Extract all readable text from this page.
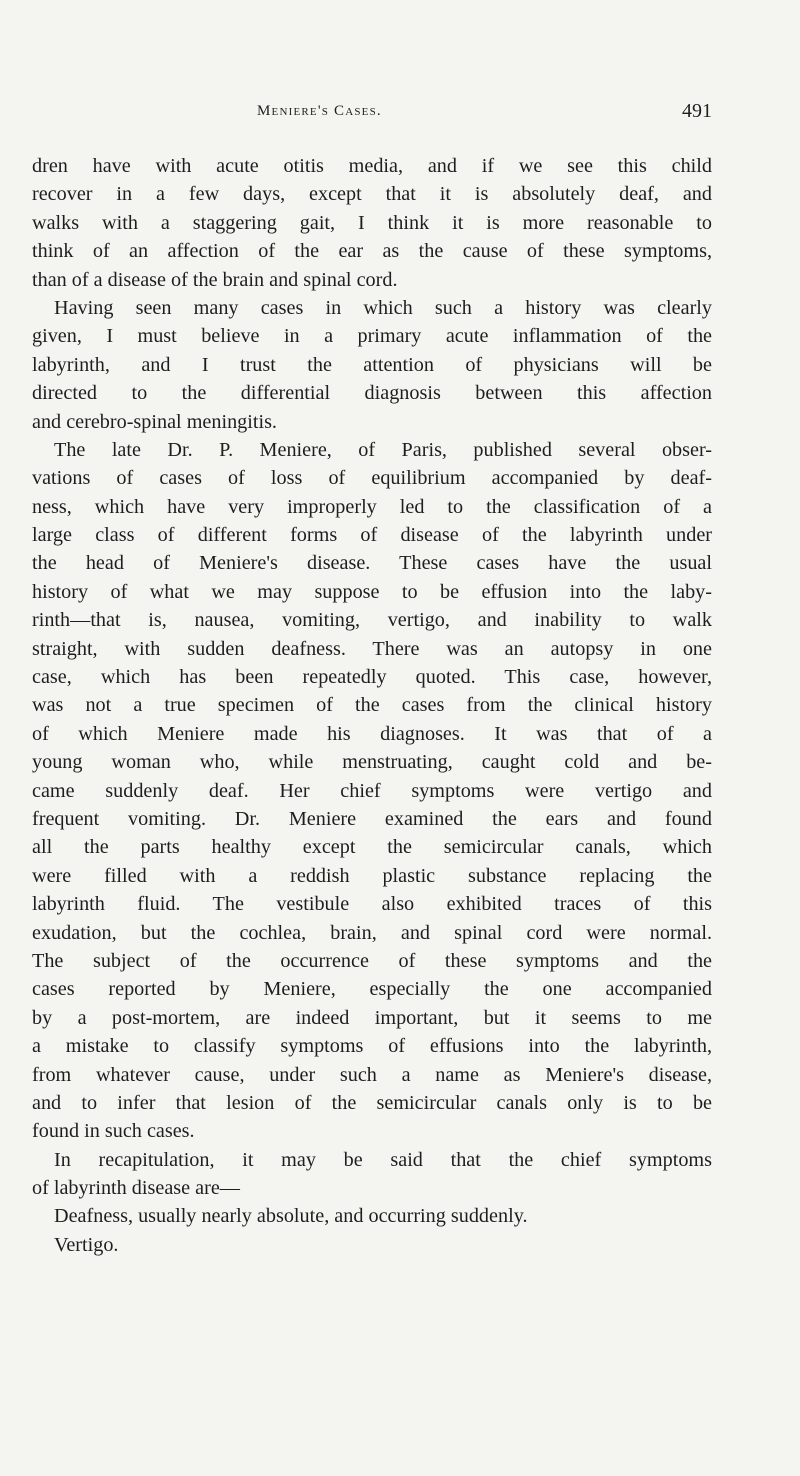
Meniere's Cases.	491
dren have with acute otitis media, and if we see this child
recover in a few days, except that it is absolutely deaf, and
walks with a staggering gait, I think it is more reasonable to
think of an affection of the ear as the cause of these symptoms,
than of a disease of the brain and spinal cord.
Having seen many cases in which such a history was clearly
given, I must believe in a primary acute inflammation of the
labyrinth, and I trust the attention of physicians will be
directed to the differential diagnosis between this affection
and cerebro-spinal meningitis.
The late Dr. P. Meniere, of Paris, published several obser-
vations of cases of loss of equilibrium accompanied by deaf-
ness, which have very improperly led to the classification of a
large class of different forms of disease of the labyrinth under
the head of Meniere's disease. These cases have the usual
history of what we may suppose to be effusion into the laby-
rinth—that is, nausea, vomiting, vertigo, and inability to walk
straight, with sudden deafness. There was an autopsy in one
case, which has been repeatedly quoted. This case, however,
was not a true specimen of the cases from the clinical history
of which Meniere made his diagnoses. It was that of a
young woman who, while menstruating, caught cold and be-
came suddenly deaf. Her chief symptoms were vertigo and
frequent vomiting. Dr. Meniere examined the ears and found
all the parts healthy except the semicircular canals, which
were filled with a reddish plastic substance replacing the
labyrinth fluid. The vestibule also exhibited traces of this
exudation, but the cochlea, brain, and spinal cord were normal.
The subject of the occurrence of these symptoms and the
cases reported by Meniere, especially the one accompanied
by a post-mortem, are indeed important, but it seems to me
a mistake to classify symptoms of effusions into the labyrinth,
from whatever cause, under such a name as Meniere's disease,
and to infer that lesion of the semicircular canals only is to be
found in such cases.
In recapitulation, it may be said that the chief symptoms
of labyrinth disease are—
Deafness, usually nearly absolute, and occurring suddenly.
Vertigo.
